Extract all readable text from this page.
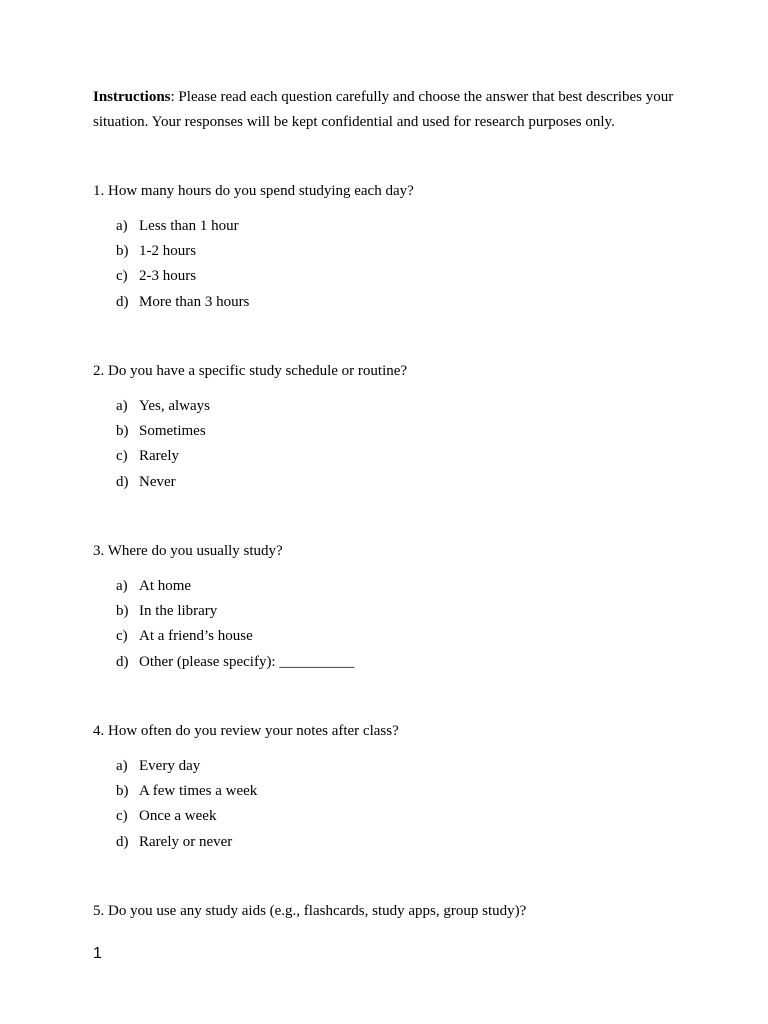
Instructions: Please read each question carefully and choose the answer that best describes your situation. Your responses will be kept confidential and used for research purposes only.

1. How many hours do you spend studying each day?

a) Less than 1 hour
b) 1-2 hours
c) 2-3 hours
d) More than 3 hours

2. Do you have a specific study schedule or routine?

a) Yes, always
b) Sometimes
c) Rarely
d) Never

3. Where do you usually study?

a) At home
b) In the library
c) At a friend’s house
d) Other (please specify): __________

4. How often do you review your notes after class?

a) Every day
b) A few times a week
c) Once a week
d) Rarely or never

5. Do you use any study aids (e.g., flashcards, study apps, group study)?

1
